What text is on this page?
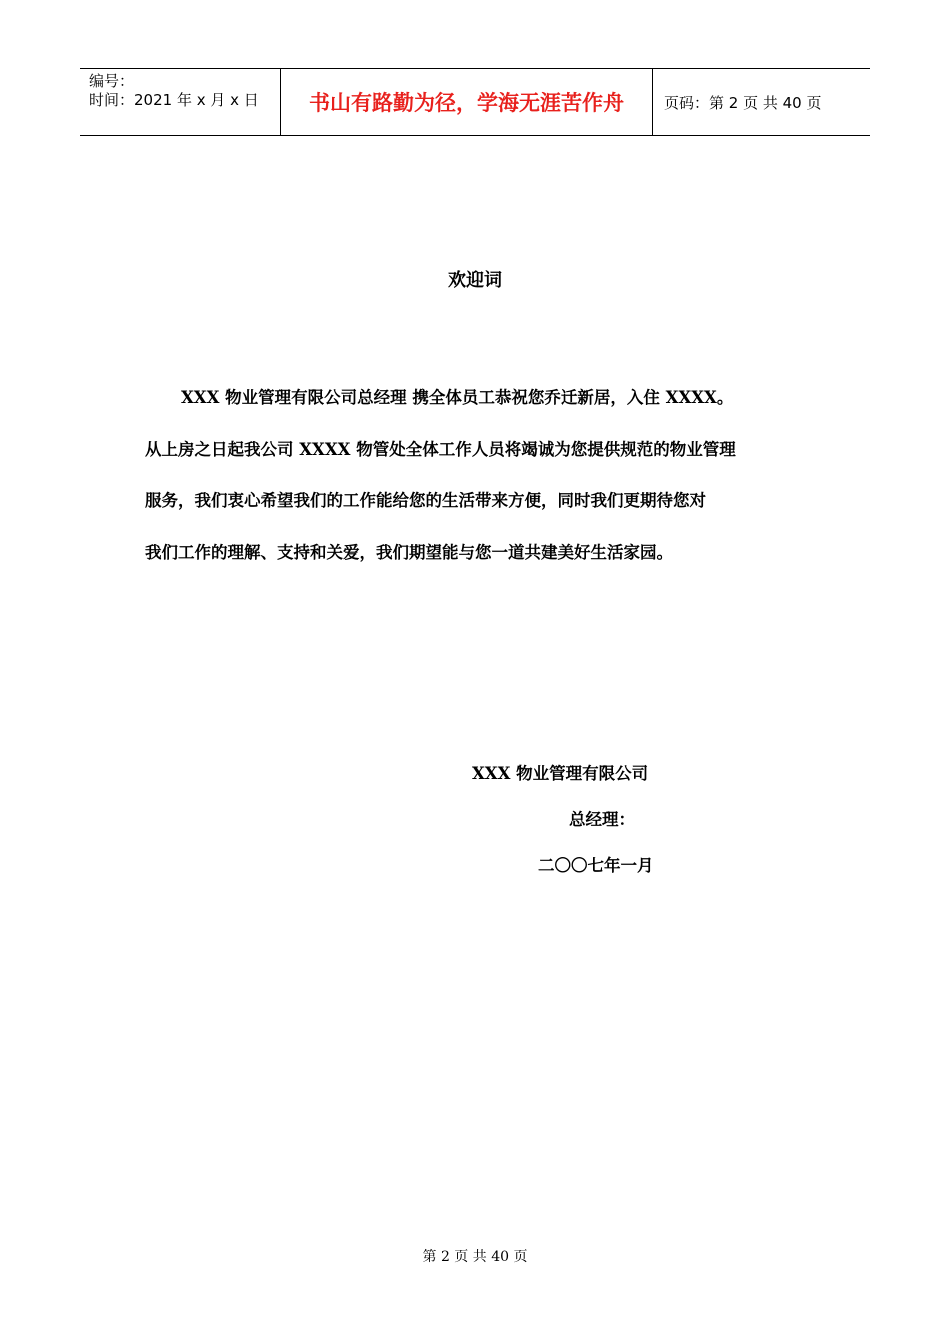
编号：
时间：2021 年 x 月 x 日 书山有路勤为径，学海无涯苦作舟	页码：第 2 页 共 40 页
欢迎词
XXX 物业管理有限公司总经理 携全体员工恭祝您乔迁新居，入住 XXXX。
从上房之日起我公司 XXXX 物管处全体工作人员将竭诚为您提供规范的物业管理
服务，我们衷心希望我们的工作能给您的生活带来方便，同时我们更期待您对
我们工作的理解、支持和关爱，我们期望能与您一道共建美好生活家园。
XXX 物业管理有限公司
总经理：
二〇〇七年一月
第 2 页 共 40 页
